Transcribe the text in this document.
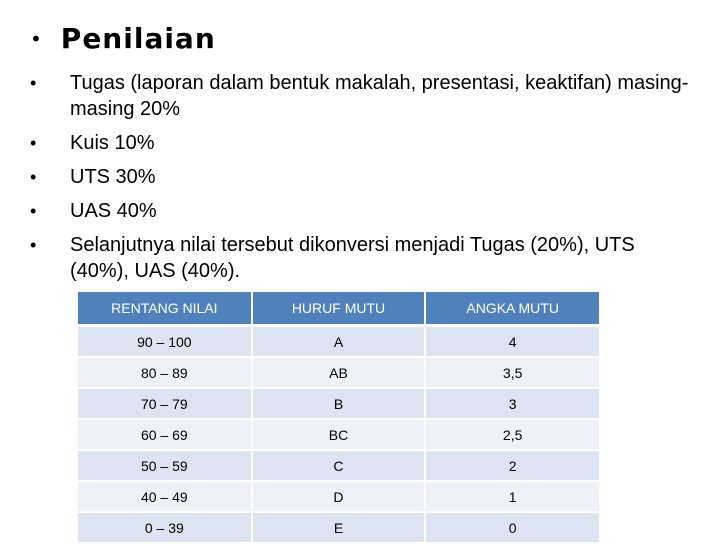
• Penilaian
•	Tugas (laporan dalam bentuk makalah, presentasi, keaktifan) masing-masing 20%
•	Kuis 10%
•	UTS 30%
•	UAS 40%
•	Selanjutnya nilai tersebut dikonversi menjadi Tugas (20%), UTS (40%), UAS (40%).
RENTANG NILAI	HURUF MUTU	ANGKA MUTU
90 – 100	A	4
80 – 89	AB	3,5
70 – 79	B	3
60 – 69	BC	2,5
50 – 59	C	2
40 – 49	D	1
0 – 39	E	0
